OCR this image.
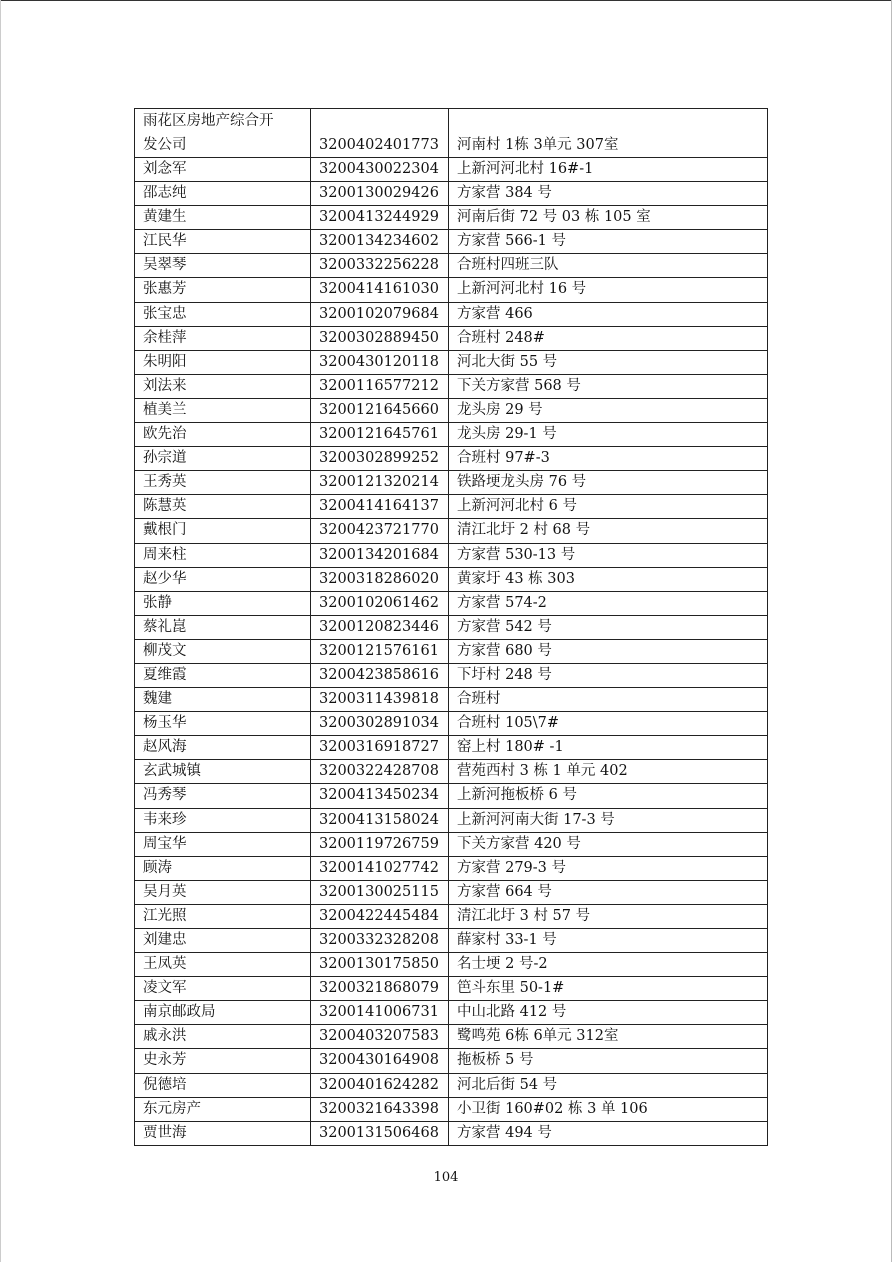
雨花区房地产综合开
发公司	3200402401773	河南村 1栋 3单元 307室
刘念军	3200430022304	上新河河北村 16#-1
邵志纯	3200130029426	方家营 384 号
黄建生	3200413244929	河南后街 72 号 03 栋 105 室
江民华	3200134234602	方家营 566-1 号
吴翠琴	3200332256228	合班村四班三队
张惠芳	3200414161030	上新河河北村 16 号
张宝忠	3200102079684	方家营 466
余桂萍	3200302889450	合班村 248#
朱明阳	3200430120118	河北大街 55 号
刘法来	3200116577212	下关方家营 568 号
植美兰	3200121645660	龙头房 29 号
欧先治	3200121645761	龙头房 29-1 号
孙宗道	3200302899252	合班村 97#-3
王秀英	3200121320214	铁路埂龙头房 76 号
陈慧英	3200414164137	上新河河北村 6 号
戴根门	3200423721770	清江北圩 2 村 68 号
周来柱	3200134201684	方家营 530-13 号
赵少华	3200318286020	黄家圩 43 栋 303
张静	3200102061462	方家营 574-2
蔡礼崑	3200120823446	方家营 542 号
柳茂文	3200121576161	方家营 680 号
夏维霞	3200423858616	下圩村 248 号
魏建	3200311439818	合班村
杨玉华	3200302891034	合班村 105\7#
赵风海	3200316918727	窑上村 180# -1
玄武城镇	3200322428708	营苑西村 3 栋 1 单元 402
冯秀琴	3200413450234	上新河拖板桥 6 号
韦来珍	3200413158024	上新河河南大街 17-3 号
周宝华	3200119726759	下关方家营 420 号
顾涛	3200141027742	方家营 279-3 号
吴月英	3200130025115	方家营 664 号
江光照	3200422445484	清江北圩 3 村 57 号
刘建忠	3200332328208	薛家村 33-1 号
王凤英	3200130175850	名士埂 2 号-2
凌文军	3200321868079	笆斗东里 50-1#
南京邮政局	3200141006731	中山北路 412 号
戚永洪	3200403207583	鹭鸣苑 6栋 6单元 312室
史永芳	3200430164908	拖板桥 5 号
倪德培	3200401624282	河北后街 54 号
东元房产	3200321643398	小卫街 160#02 栋 3 单 106
贾世海	3200131506468	方家营 494 号
104
